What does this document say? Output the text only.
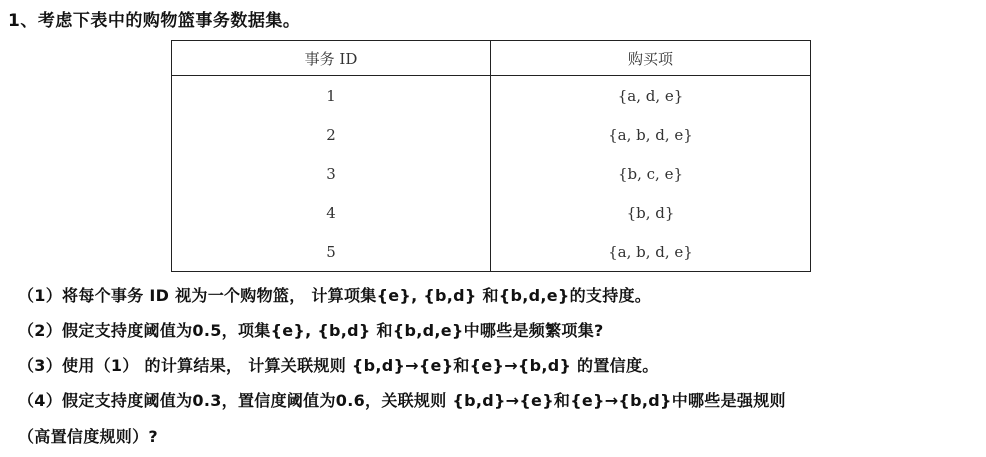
1、考虑下表中的购物篮事务数据集。
事务 ID	购买项
1	{a, d, e}
2	{a, b, d, e}
3	{b, c, e}
4	{b, d}
5	{a, b, d, e}
（1）将每个事务 ID 视为一个购物篮， 计算项集{e}, {b,d} 和{b,d,e}的支持度。
（2）假定支持度阈值为0.5，项集{e}, {b,d} 和{b,d,e}中哪些是频繁项集?
（3）使用（1） 的计算结果， 计算关联规则 {b,d}→{e}和{e}→{b,d} 的置信度。
（4）假定支持度阈值为0.3，置信度阈值为0.6，关联规则 {b,d}→{e}和{e}→{b,d}中哪些是强规则
（高置信度规则）?
